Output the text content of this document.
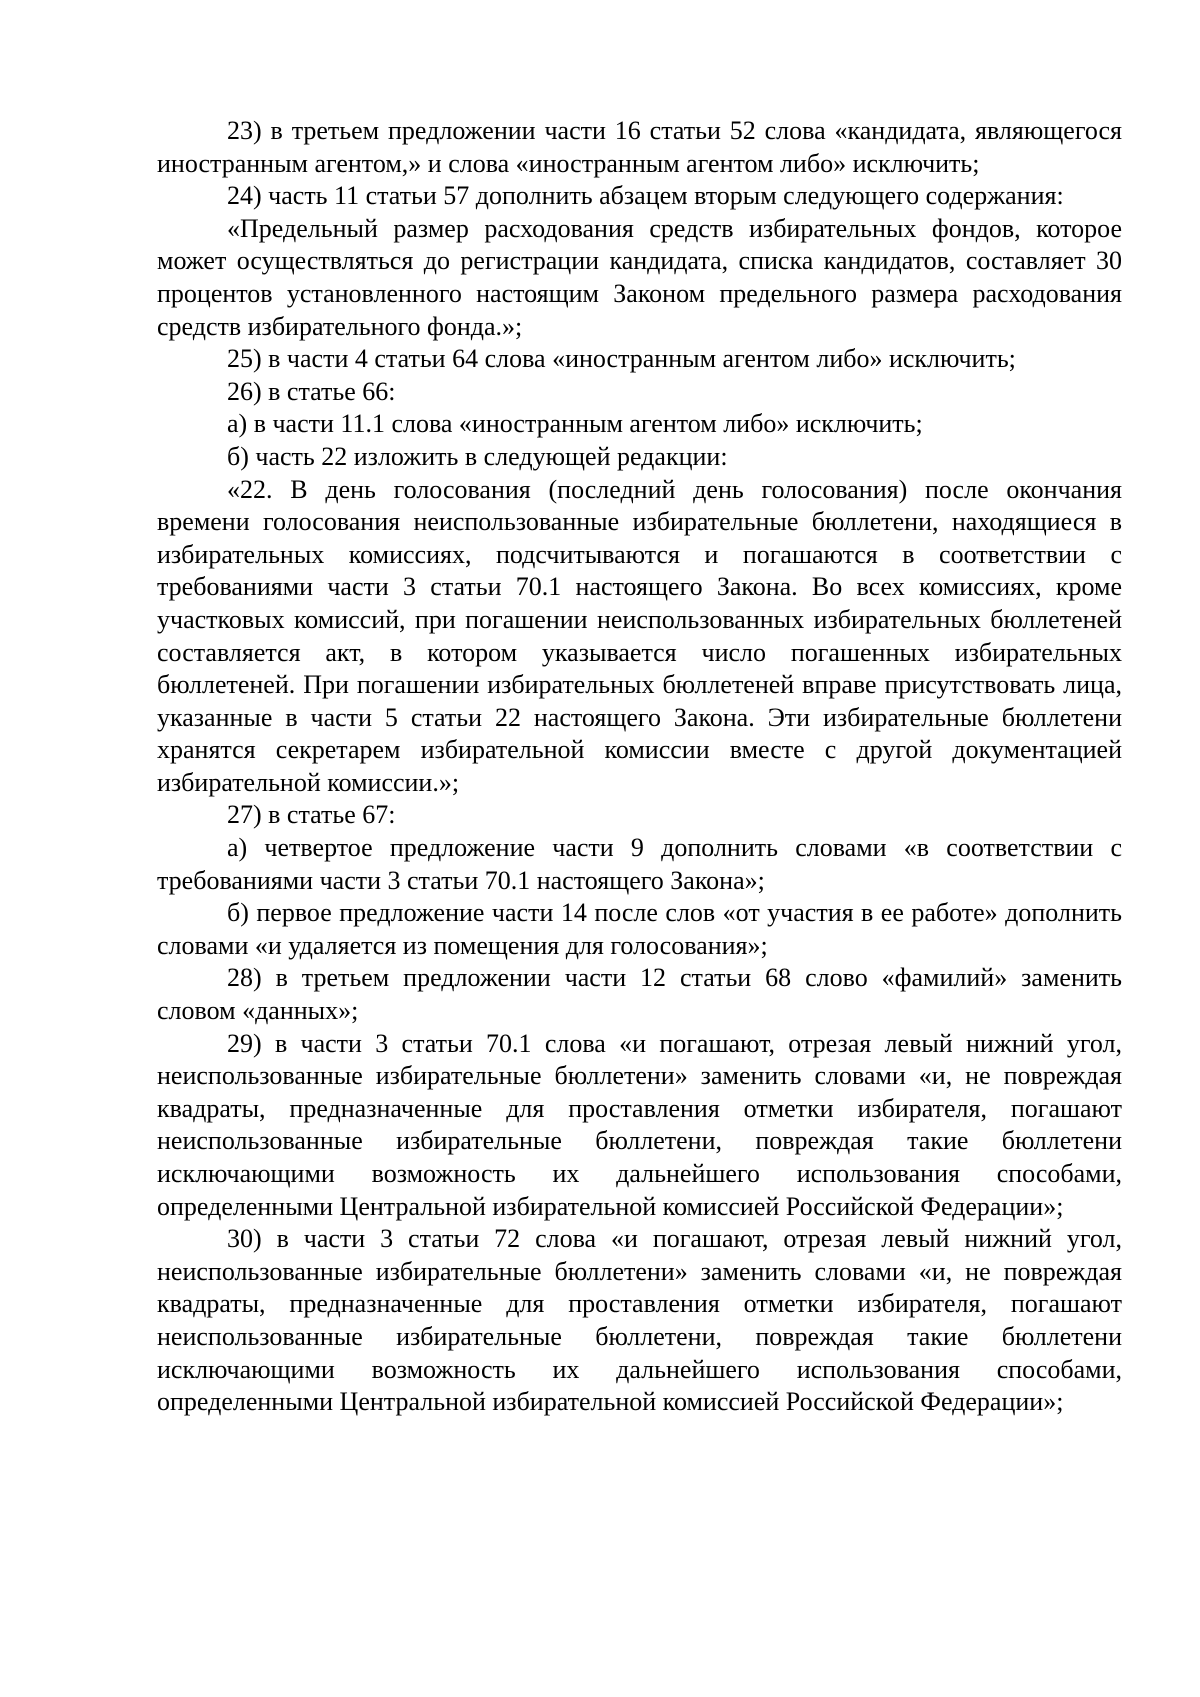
23) в третьем предложении части 16 статьи 52 слова «кандидата, являющегося иностранным агентом,» и слова «иностранным агентом либо» исключить;

24) часть 11 статьи 57 дополнить абзацем вторым следующего содержания:

«Предельный размер расходования средств избирательных фондов, которое может осуществляться до регистрации кандидата, списка кандидатов, составляет 30 процентов установленного настоящим Законом предельного размера расходования средств избирательного фонда.»;

25) в части 4 статьи 64 слова «иностранным агентом либо» исключить;

26) в статье 66:

а) в части 11.1 слова «иностранным агентом либо» исключить;

б) часть 22 изложить в следующей редакции:

«22. В день голосования (последний день голосования) после окончания времени голосования неиспользованные избирательные бюллетени, находящиеся в избирательных комиссиях, подсчитываются и погашаются в соответствии с требованиями части 3 статьи 70.1 настоящего Закона. Во всех комиссиях, кроме участковых комиссий, при погашении неиспользованных избирательных бюллетеней составляется акт, в котором указывается число погашенных избирательных бюллетеней. При погашении избирательных бюллетеней вправе присутствовать лица, указанные в части 5 статьи 22 настоящего Закона. Эти избирательные бюллетени хранятся секретарем избирательной комиссии вместе с другой документацией избирательной комиссии.»;

27) в статье 67:

а) четвертое предложение части 9 дополнить словами «в соответствии с требованиями части 3 статьи 70.1 настоящего Закона»;

б) первое предложение части 14 после слов «от участия в ее работе» дополнить словами «и удаляется из помещения для голосования»;

28) в третьем предложении части 12 статьи 68 слово «фамилий» заменить словом «данных»;

29) в части 3 статьи 70.1 слова «и погашают, отрезая левый нижний угол, неиспользованные избирательные бюллетени» заменить словами «и, не повреждая квадраты, предназначенные для проставления отметки избирателя, погашают неиспользованные избирательные бюллетени, повреждая такие бюллетени исключающими возможность их дальнейшего использования способами, определенными Центральной избирательной комиссией Российской Федерации»;

30) в части 3 статьи 72 слова «и погашают, отрезая левый нижний угол, неиспользованные избирательные бюллетени» заменить словами «и, не повреждая квадраты, предназначенные для проставления отметки избирателя, погашают неиспользованные избирательные бюллетени, повреждая такие бюллетени исключающими возможность их дальнейшего использования способами, определенными Центральной избирательной комиссией Российской Федерации»;
